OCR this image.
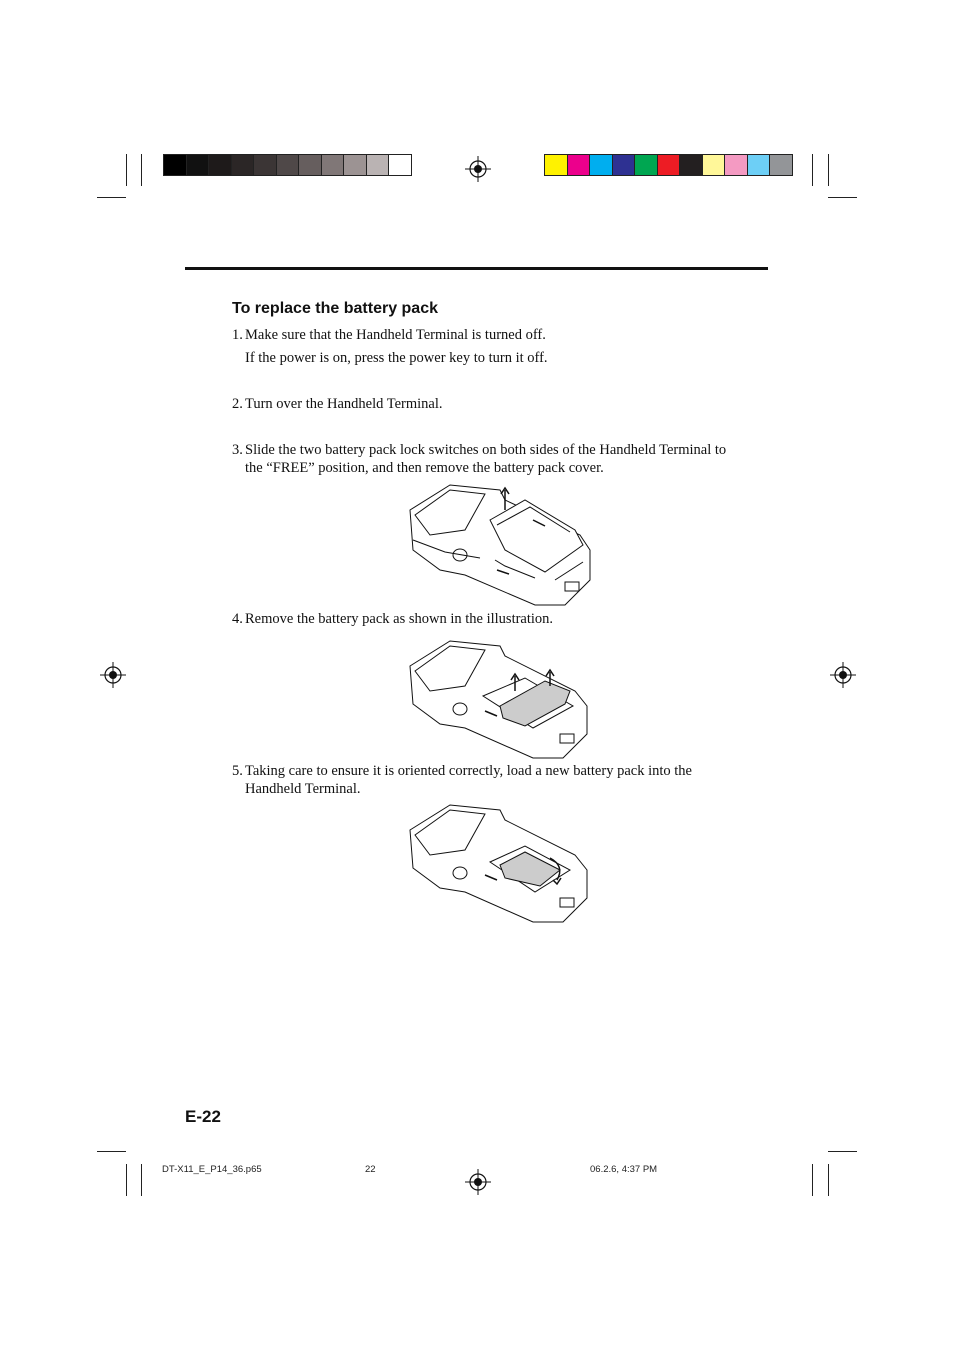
To replace the battery pack
1. Make sure that the Handheld Terminal is turned off.
If the power is on, press the power key to turn it off.
2. Turn over the Handheld Terminal.
3. Slide the two battery pack lock switches on both sides of the Handheld Terminal to
the “FREE” position, and then remove the battery pack cover.
4. Remove the battery pack as shown in the illustration.
5. Taking care to ensure it is oriented correctly, load a new battery pack into the
Handheld Terminal.
E-22
DT-X11_E_P14_36.p65	22	06.2.6, 4:37 PM
